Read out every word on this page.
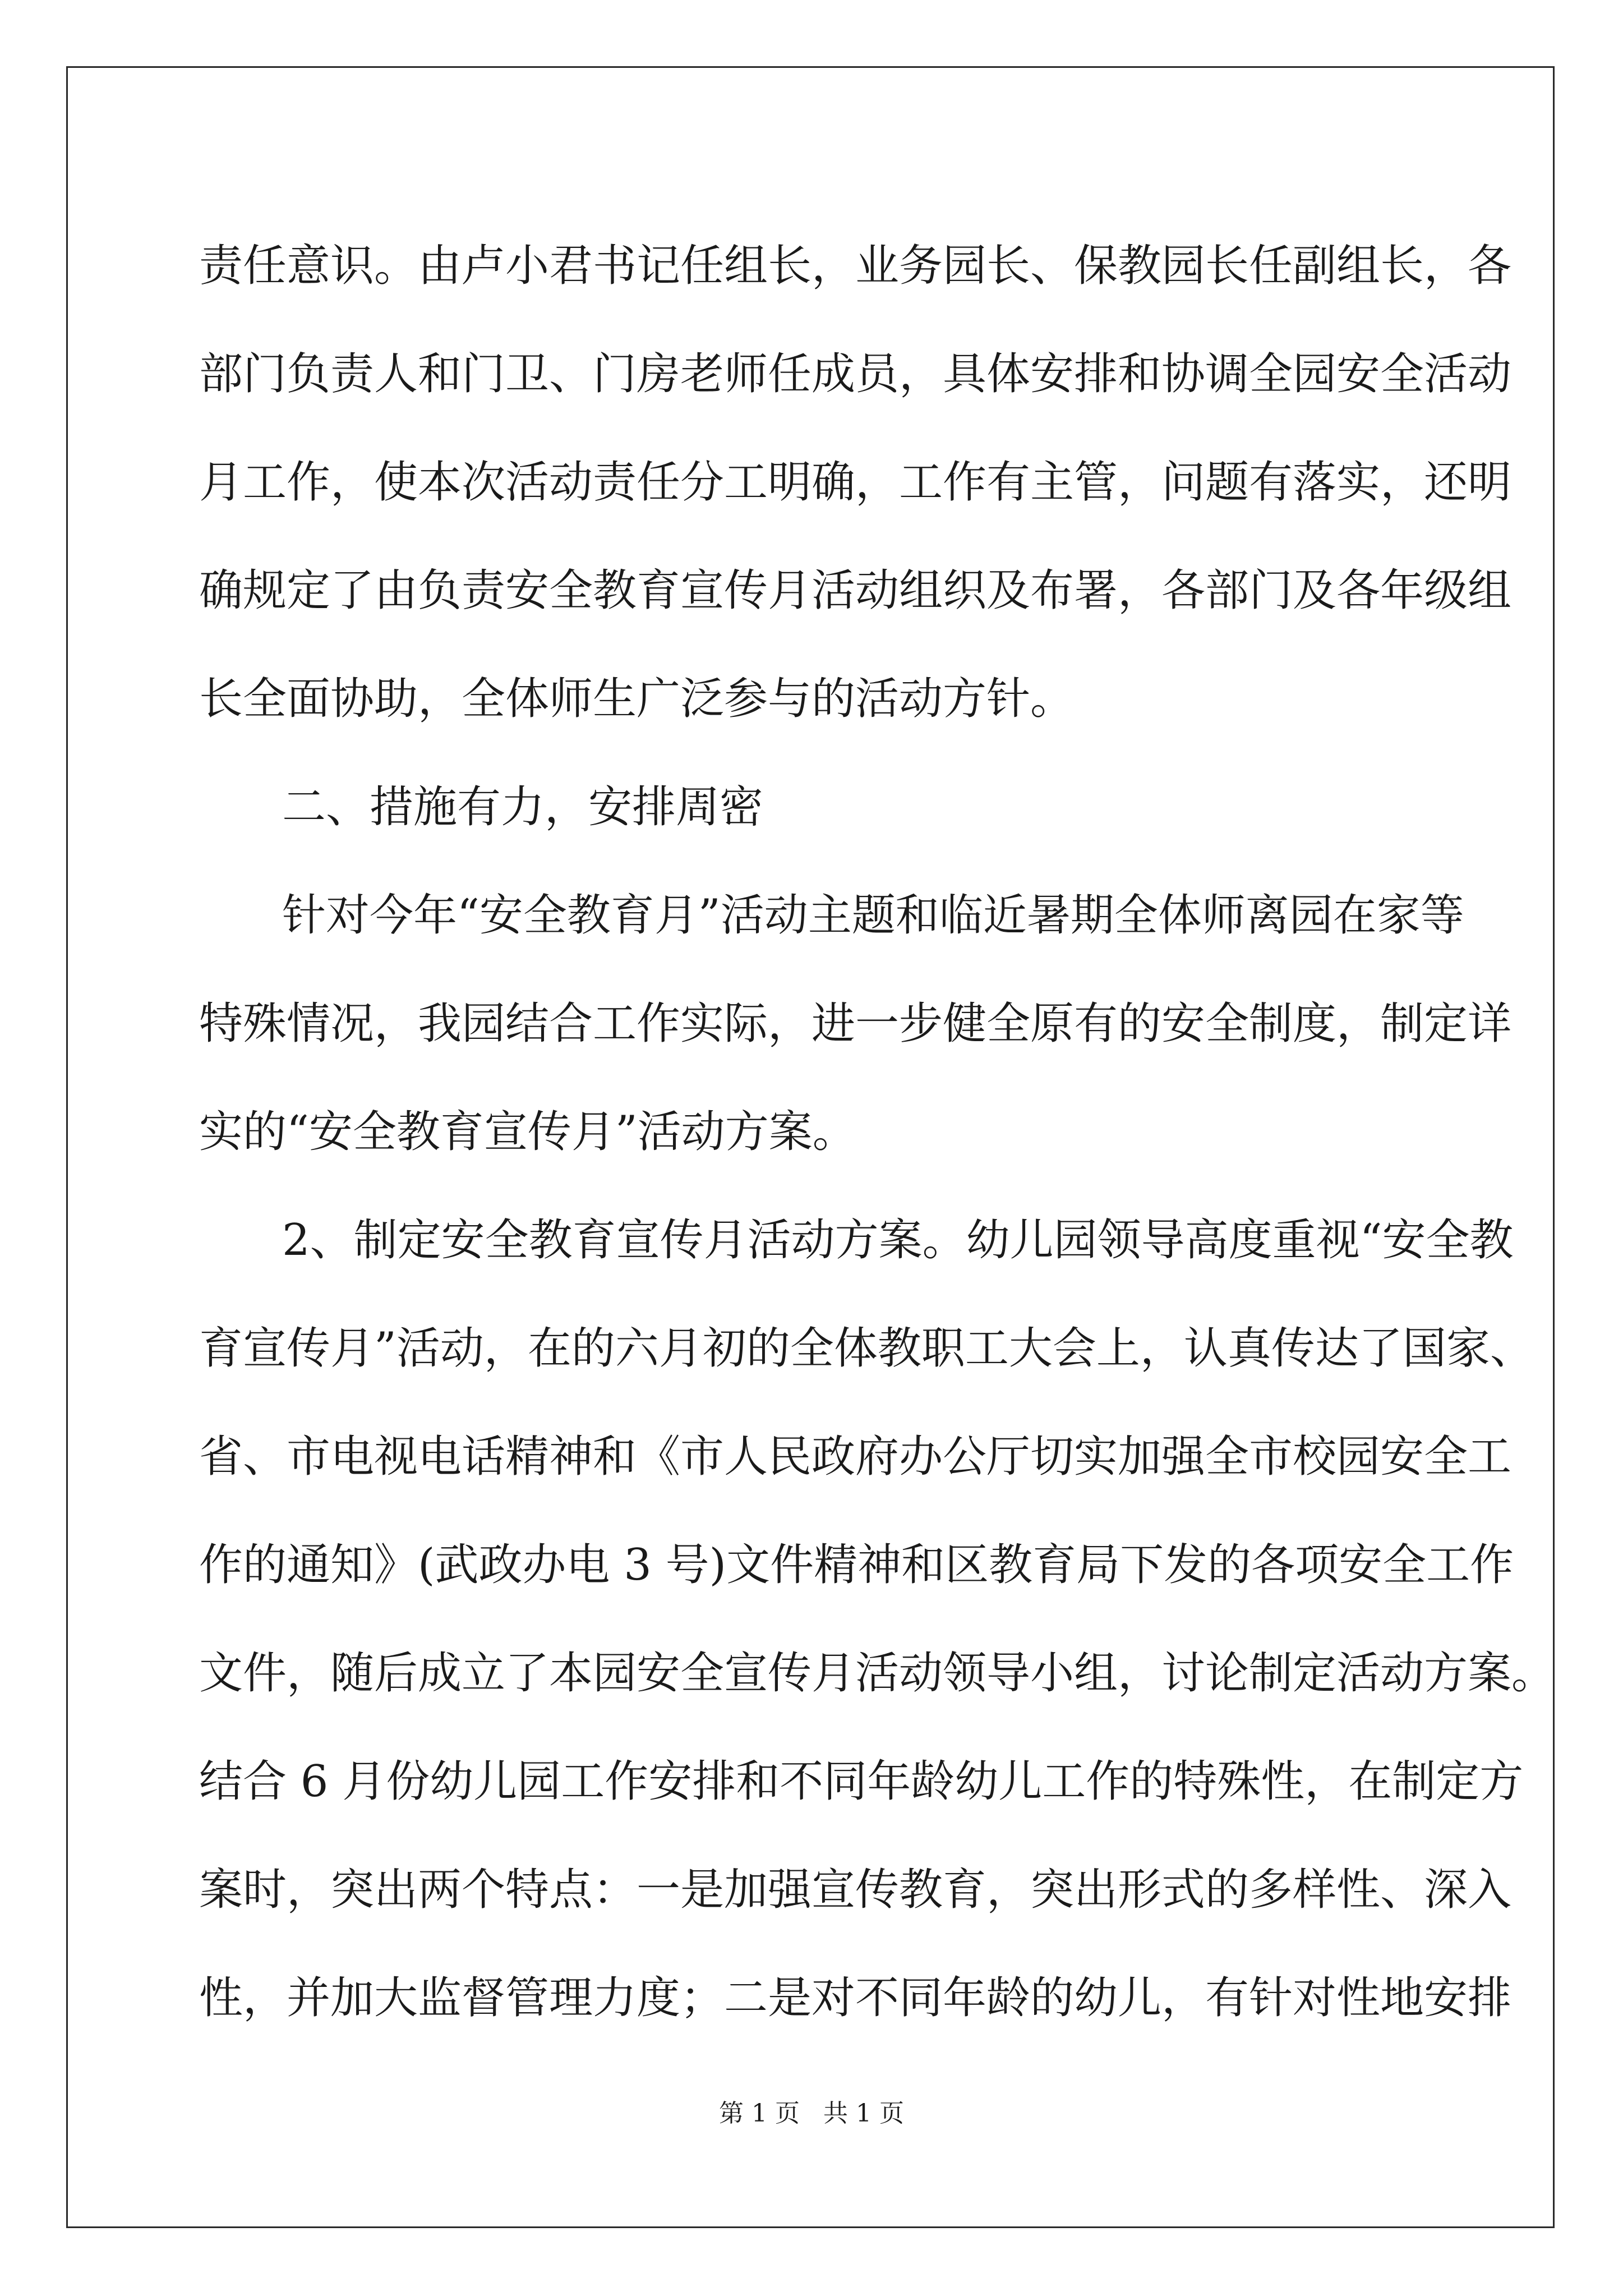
责任意识。由卢小君书记任组长，业务园长、保教园长任副组长，各
部门负责人和门卫、门房老师任成员，具体安排和协调全园安全活动
月工作，使本次活动责任分工明确，工作有主管，问题有落实，还明
确规定了由负责安全教育宣传月活动组织及布署，各部门及各年级组
长全面协助，全体师生广泛参与的活动方针。
二、措施有力，安排周密
针对今年“安全教育月”活动主题和临近暑期全体师离园在家等
特殊情况，我园结合工作实际，进一步健全原有的安全制度，制定详
实的“安全教育宣传月”活动方案。
2、制定安全教育宣传月活动方案。幼儿园领导高度重视“安全教
育宣传月”活动，在的六月初的全体教职工大会上，认真传达了国家、
省、市电视电话精神和《市人民政府办公厅切实加强全市校园安全工
作的通知》(武政办电 3 号)文件精神和区教育局下发的各项安全工作
文件，随后成立了本园安全宣传月活动领导小组，讨论制定活动方案。
结合 6 月份幼儿园工作安排和不同年龄幼儿工作的特殊性，在制定方
案时，突出两个特点：一是加强宣传教育，突出形式的多样性、深入
性，并加大监督管理力度；二是对不同年龄的幼儿，有针对性地安排
第 1 页   共 1 页
